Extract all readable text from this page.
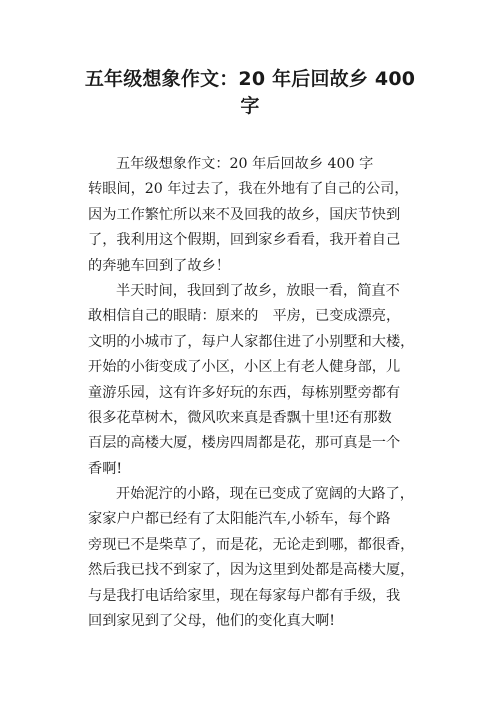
五年级想象作文：20 年后回故乡 400
字
五年级想象作文：20 年后回故乡 400 字
转眼间，20 年过去了，我在外地有了自己的公司，
因为工作繁忙所以来不及回我的故乡，国庆节快到
了，我利用这个假期，回到家乡看看，我开着自己
的奔驰车回到了故乡！
半天时间，我回到了故乡，放眼一看，简直不
敢相信自己的眼睛：原来的　平房，已变成漂亮，
文明的小城市了，每户人家都住进了小别墅和大楼，
开始的小街变成了小区，小区上有老人健身部，儿
童游乐园，这有许多好玩的东西，每栋别墅旁都有
很多花草树木，微风吹来真是香飘十里!还有那数
百层的高楼大厦，楼房四周都是花，那可真是一个
香啊!
开始泥泞的小路，现在已变成了宽阔的大路了，
家家户户都已经有了太阳能汽车,小轿车，每个路
旁现已不是柴草了，而是花，无论走到哪，都很香，
然后我已找不到家了，因为这里到处都是高楼大厦，
与是我打电话给家里，现在每家每户都有手级，我
回到家见到了父母，他们的变化真大啊!
